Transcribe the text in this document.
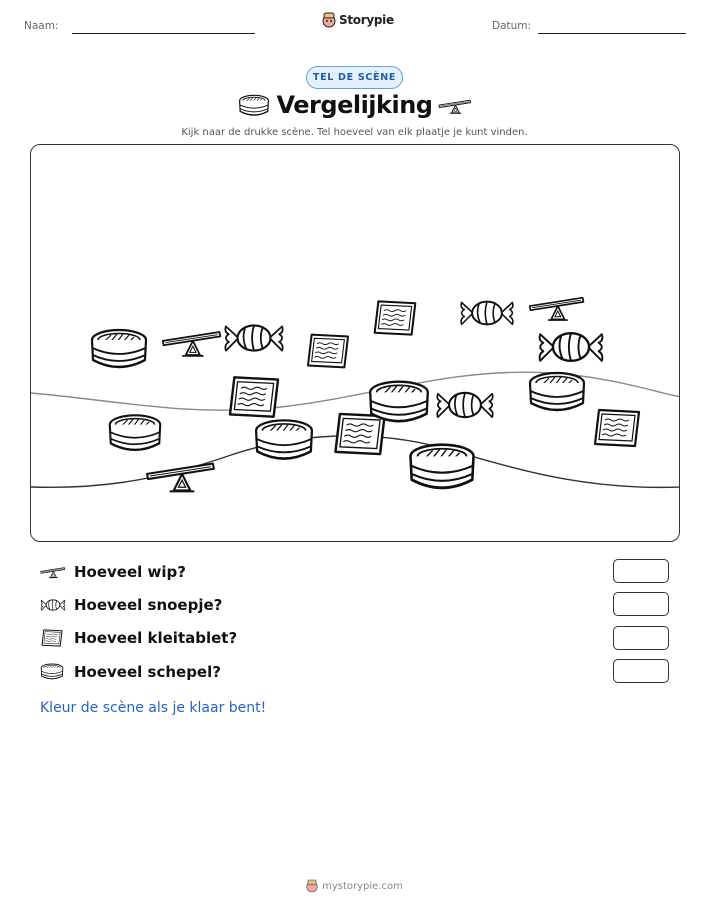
Naam:	Storypie	Datum:
TEL DE SCÈNE
Vergelijking
Kijk naar de drukke scène. Tel hoeveel van elk plaatje je kunt vinden.
Hoeveel wip?
Hoeveel snoepje?
Hoeveel kleitablet?
Hoeveel schepel?
Kleur de scène als je klaar bent!
mystorypie.com
